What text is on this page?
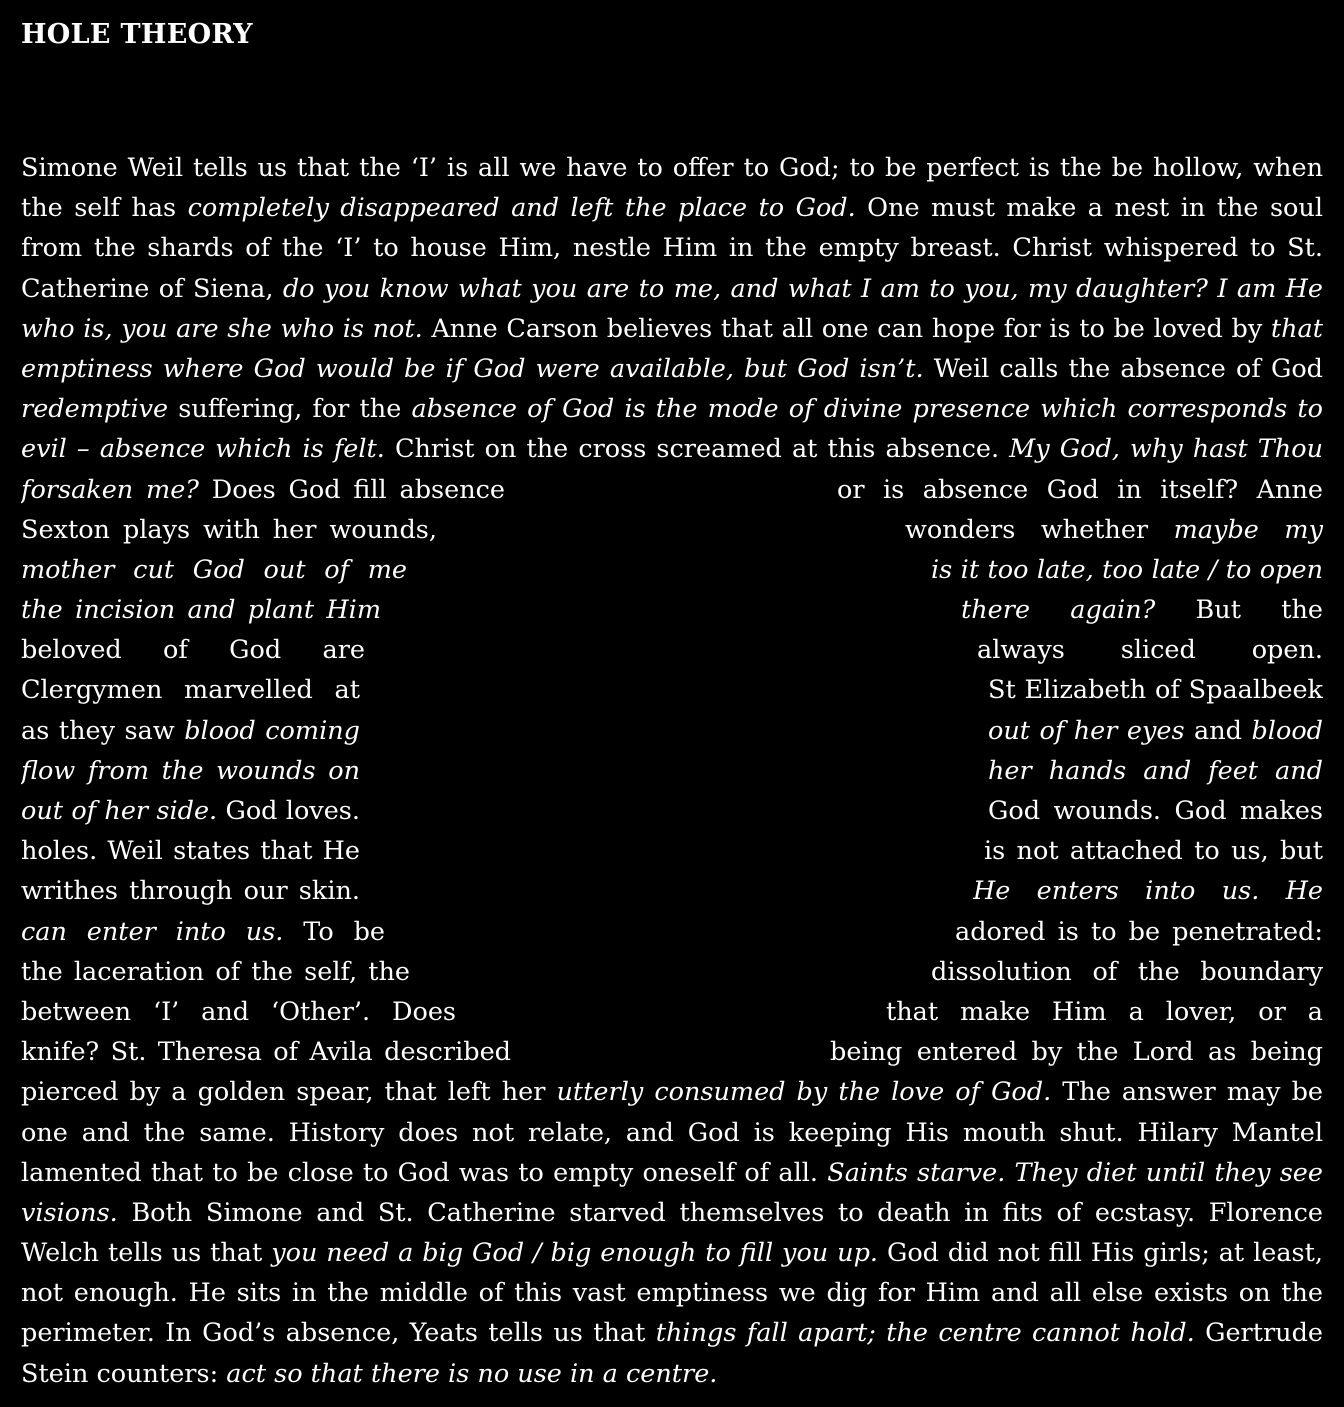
HOLE THEORY
Simone Weil tells us that the ‘I’ is all we have to offer to God; to be perfect is the be hollow, when
the self has completely disappeared and left the place to God. One must make a nest in the soul
from the shards of the ‘I’ to house Him, nestle Him in the empty breast. Christ whispered to St.
Catherine of Siena, do you know what you are to me, and what I am to you, my daughter? I am He
who is, you are she who is not. Anne Carson believes that all one can hope for is to be loved by that
emptiness where God would be if God were available, but God isn’t. Weil calls the absence of God
redemptive suffering, for the absence of God is the mode of divine presence which corresponds to
evil – absence which is felt. Christ on the cross screamed at this absence. My God, why hast Thou
forsaken me? Does God fill absence	or is absence God in itself? Anne
Sexton plays with her wounds,	wonders whether maybe my
mother cut God out of me	is it too late, too late / to open
the incision and plant Him	there again? But the
beloved of God are	always sliced open.
Clergymen marvelled at	St Elizabeth of Spaalbeek
as they saw blood coming	out of her eyes and blood
flow from the wounds on	her hands and feet and
out of her side. God loves.	God wounds. God makes
holes. Weil states that He	is not attached to us, but
writhes through our skin.	He enters into us. He
can enter into us. To be	adored is to be penetrated:
the laceration of the self, the	dissolution of the boundary
between ‘I’ and ‘Other’. Does	that make Him a lover, or a
knife? St. Theresa of Avila described	being entered by the Lord as being
pierced by a golden spear, that left her utterly consumed by the love of God. The answer may be
one and the same. History does not relate, and God is keeping His mouth shut. Hilary Mantel
lamented that to be close to God was to empty oneself of all. Saints starve. They diet until they see
visions. Both Simone and St. Catherine starved themselves to death in fits of ecstasy. Florence
Welch tells us that you need a big God / big enough to fill you up. God did not fill His girls; at least,
not enough. He sits in the middle of this vast emptiness we dig for Him and all else exists on the
perimeter. In God’s absence, Yeats tells us that things fall apart; the centre cannot hold. Gertrude
Stein counters: act so that there is no use in a centre.
